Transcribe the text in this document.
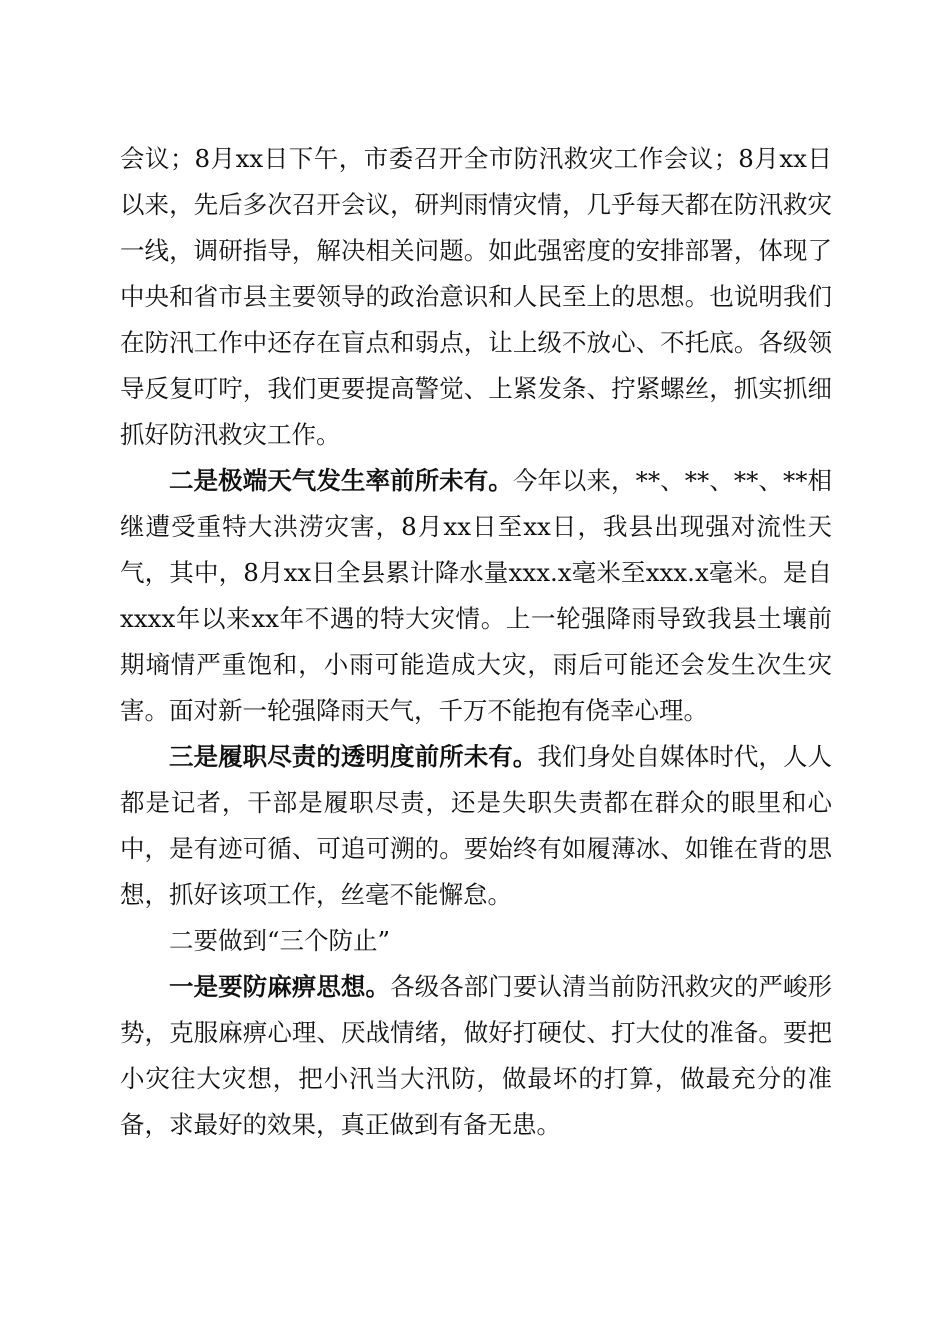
会议；8月xx日下午，市委召开全市防汛救灾工作会议；8月xx日以来，先后多次召开会议，研判雨情灾情，几乎每天都在防汛救灾一线，调研指导，解决相关问题。如此强密度的安排部署，体现了中央和省市县主要领导的政治意识和人民至上的思想。也说明我们在防汛工作中还存在盲点和弱点，让上级不放心、不托底。各级领导反复叮咛，我们更要提高警觉、上紧发条、拧紧螺丝，抓实抓细抓好防汛救灾工作。

二是极端天气发生率前所未有。今年以来，**、**、**、**相继遭受重特大洪涝灾害，8月xx日至xx日，我县出现强对流性天气，其中，8月xx日全县累计降水量xxx.x毫米至xxx.x毫米。是自xxxx年以来xx年不遇的特大灾情。上一轮强降雨导致我县土壤前期墒情严重饱和，小雨可能造成大灾，雨后可能还会发生次生灾害。面对新一轮强降雨天气，千万不能抱有侥幸心理。

三是履职尽责的透明度前所未有。我们身处自媒体时代，人人都是记者，干部是履职尽责，还是失职失责都在群众的眼里和心中，是有迹可循、可追可溯的。要始终有如履薄冰、如锥在背的思想，抓好该项工作，丝毫不能懈怠。

二要做到“三个防止”

一是要防麻痹思想。各级各部门要认清当前防汛救灾的严峻形势，克服麻痹心理、厌战情绪，做好打硬仗、打大仗的准备。要把小灾往大灾想，把小汛当大汛防，做最坏的打算，做最充分的准备，求最好的效果，真正做到有备无患。
